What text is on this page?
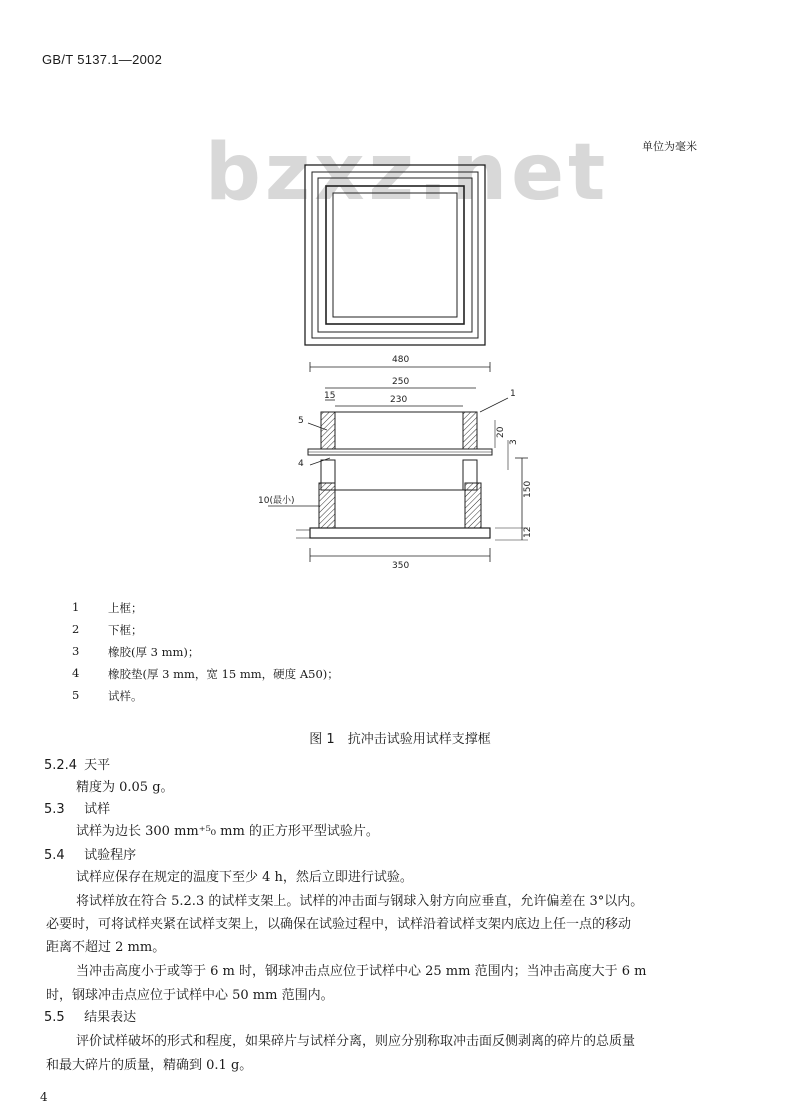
GB/T 5137.1—2002
单位为毫米
bzxz.net
480
250
15	230
350
10(最小)
150
12
20
3
1
5
4
1 上框；
2 下框；
3 橡胶(厚 3 mm)；
4 橡胶垫(厚 3 mm，宽 15 mm，硬度 A50)；
5 试样。
图 1　抗冲击试验用试样支撑框
5.2.4 天平
精度为 0.05 g。
5.3 试样
试样为边长 300 mm⁺⁵₀ mm 的正方形平型试验片。
5.4 试验程序
试样应保存在规定的温度下至少 4 h，然后立即进行试验。
将试样放在符合 5.2.3 的试样支架上。试样的冲击面与钢球入射方向应垂直，允许偏差在 3°以内。
必要时，可将试样夹紧在试样支架上，以确保在试验过程中，试样沿着试样支架内底边上任一点的移动
距离不超过 2 mm。
当冲击高度小于或等于 6 m 时，钢球冲击点应位于试样中心 25 mm 范围内；当冲击高度大于 6 m
时，钢球冲击点应位于试样中心 50 mm 范围内。
5.5 结果表达
评价试样破坏的形式和程度，如果碎片与试样分离，则应分别称取冲击面反侧剥离的碎片的总质量
和最大碎片的质量，精确到 0.1 g。
4
